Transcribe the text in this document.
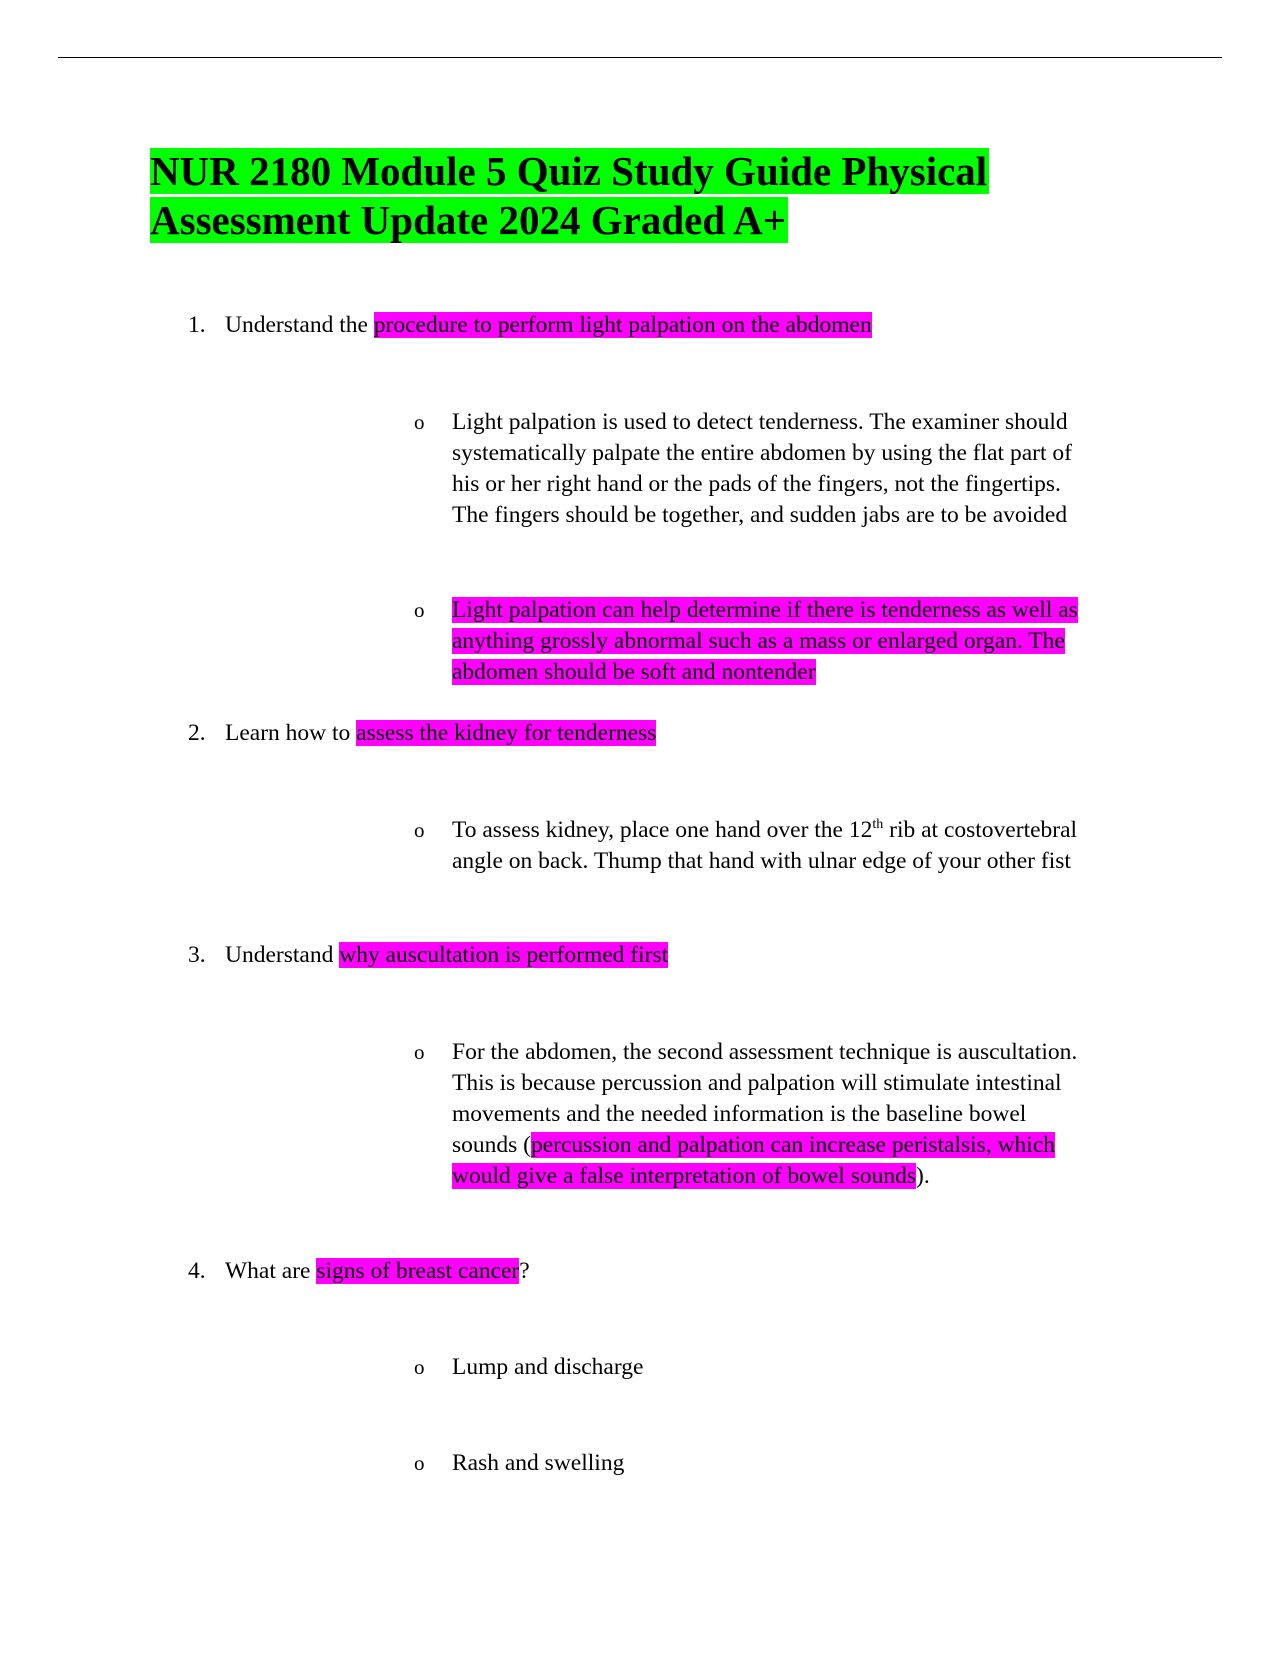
NUR 2180 Module 5 Quiz Study Guide Physical
Assessment Update 2024 Graded A+
1. Understand the procedure to perform light palpation on the abdomen
o Light palpation is used to detect tenderness. The examiner should
systematically palpate the entire abdomen by using the flat part of
his or her right hand or the pads of the fingers, not the fingertips.
The fingers should be together, and sudden jabs are to be avoided
o Light palpation can help determine if there is tenderness as well as
anything grossly abnormal such as a mass or enlarged organ. The
abdomen should be soft and nontender
2. Learn how to assess the kidney for tenderness
o To assess kidney, place one hand over the 12th rib at costovertebral
angle on back. Thump that hand with ulnar edge of your other fist
3. Understand why auscultation is performed first
o For the abdomen, the second assessment technique is auscultation.
This is because percussion and palpation will stimulate intestinal
movements and the needed information is the baseline bowel
sounds (percussion and palpation can increase peristalsis, which
would give a false interpretation of bowel sounds).
4. What are signs of breast cancer?
o Lump and discharge
o Rash and swelling
